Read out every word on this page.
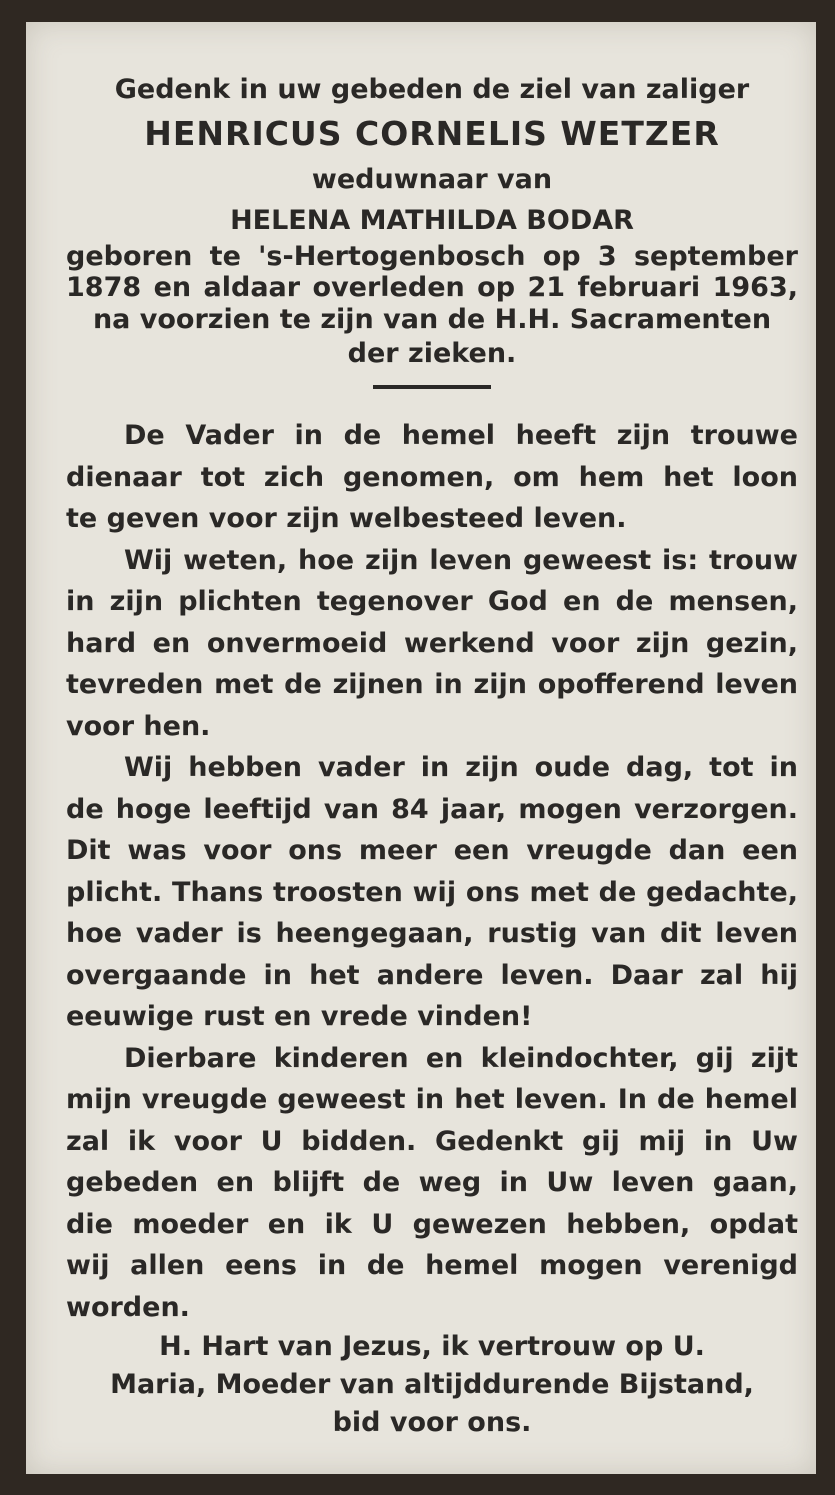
Gedenk in uw gebeden de ziel van zaliger
HENRICUS CORNELIS WETZER
weduwnaar van
HELENA MATHILDA BODAR
geboren te 's-Hertogenbosch op 3 september
1878 en aldaar overleden op 21 februari 1963,
na voorzien te zijn van de H.H. Sacramenten
der zieken.
De Vader in de hemel heeft zijn trouwe
dienaar tot zich genomen, om hem het loon
te geven voor zijn welbesteed leven.
Wij weten, hoe zijn leven geweest is: trouw
in zijn plichten tegenover God en de mensen,
hard en onvermoeid werkend voor zijn gezin,
tevreden met de zijnen in zijn opofferend leven
voor hen.
Wij hebben vader in zijn oude dag, tot in
de hoge leeftijd van 84 jaar, mogen verzorgen.
Dit was voor ons meer een vreugde dan een
plicht. Thans troosten wij ons met de gedachte,
hoe vader is heengegaan, rustig van dit leven
overgaande in het andere leven. Daar zal hij
eeuwige rust en vrede vinden!
Dierbare kinderen en kleindochter, gij zijt
mijn vreugde geweest in het leven. In de hemel
zal ik voor U bidden. Gedenkt gij mij in Uw
gebeden en blijft de weg in Uw leven gaan,
die moeder en ik U gewezen hebben, opdat
wij allen eens in de hemel mogen verenigd
worden.
H. Hart van Jezus, ik vertrouw op U.
Maria, Moeder van altijddurende Bijstand,
bid voor ons.
